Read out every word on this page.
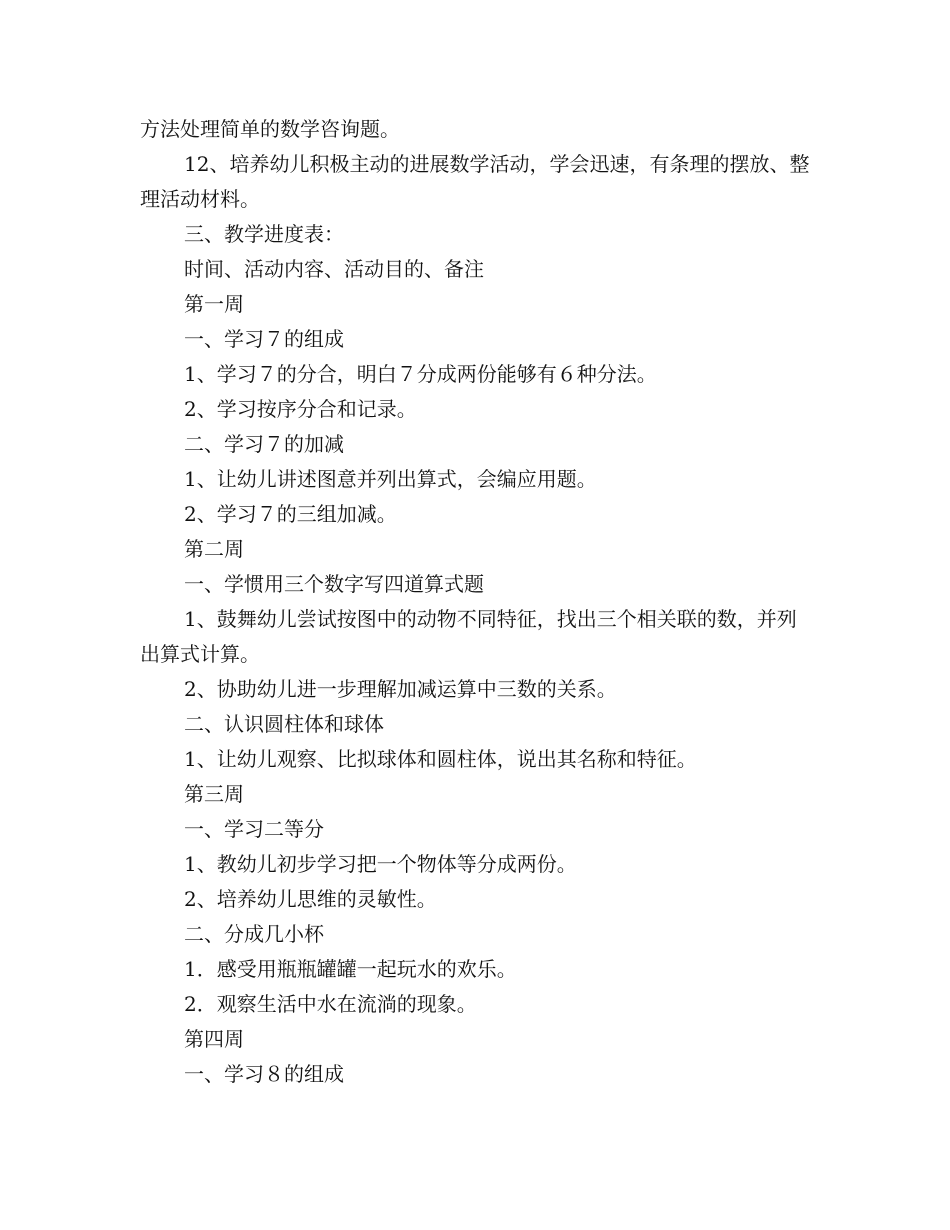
方法处理简单的数学咨询题。

12、培养幼儿积极主动的进展数学活动，学会迅速，有条理的摆放、整理活动材料。

三、教学进度表：

时间、活动内容、活动目的、备注

第一周

一、学习７的组成

1、学习７的分合，明白７分成两份能够有６种分法。

2、学习按序分合和记录。

二、学习７的加减

1、让幼儿讲述图意并列出算式，会编应用题。

2、学习７的三组加减。

第二周

一、学惯用三个数字写四道算式题

1、鼓舞幼儿尝试按图中的动物不同特征，找出三个相关联的数，并列出算式计算。

2、协助幼儿进一步理解加减运算中三数的关系。

二、认识圆柱体和球体

1、让幼儿观察、比拟球体和圆柱体，说出其名称和特征。

第三周

一、学习二等分

1、教幼儿初步学习把一个物体等分成两份。

2、培养幼儿思维的灵敏性。

二、分成几小杯

1．感受用瓶瓶罐罐一起玩水的欢乐。

2．观察生活中水在流淌的现象。

第四周

一、学习８的组成
